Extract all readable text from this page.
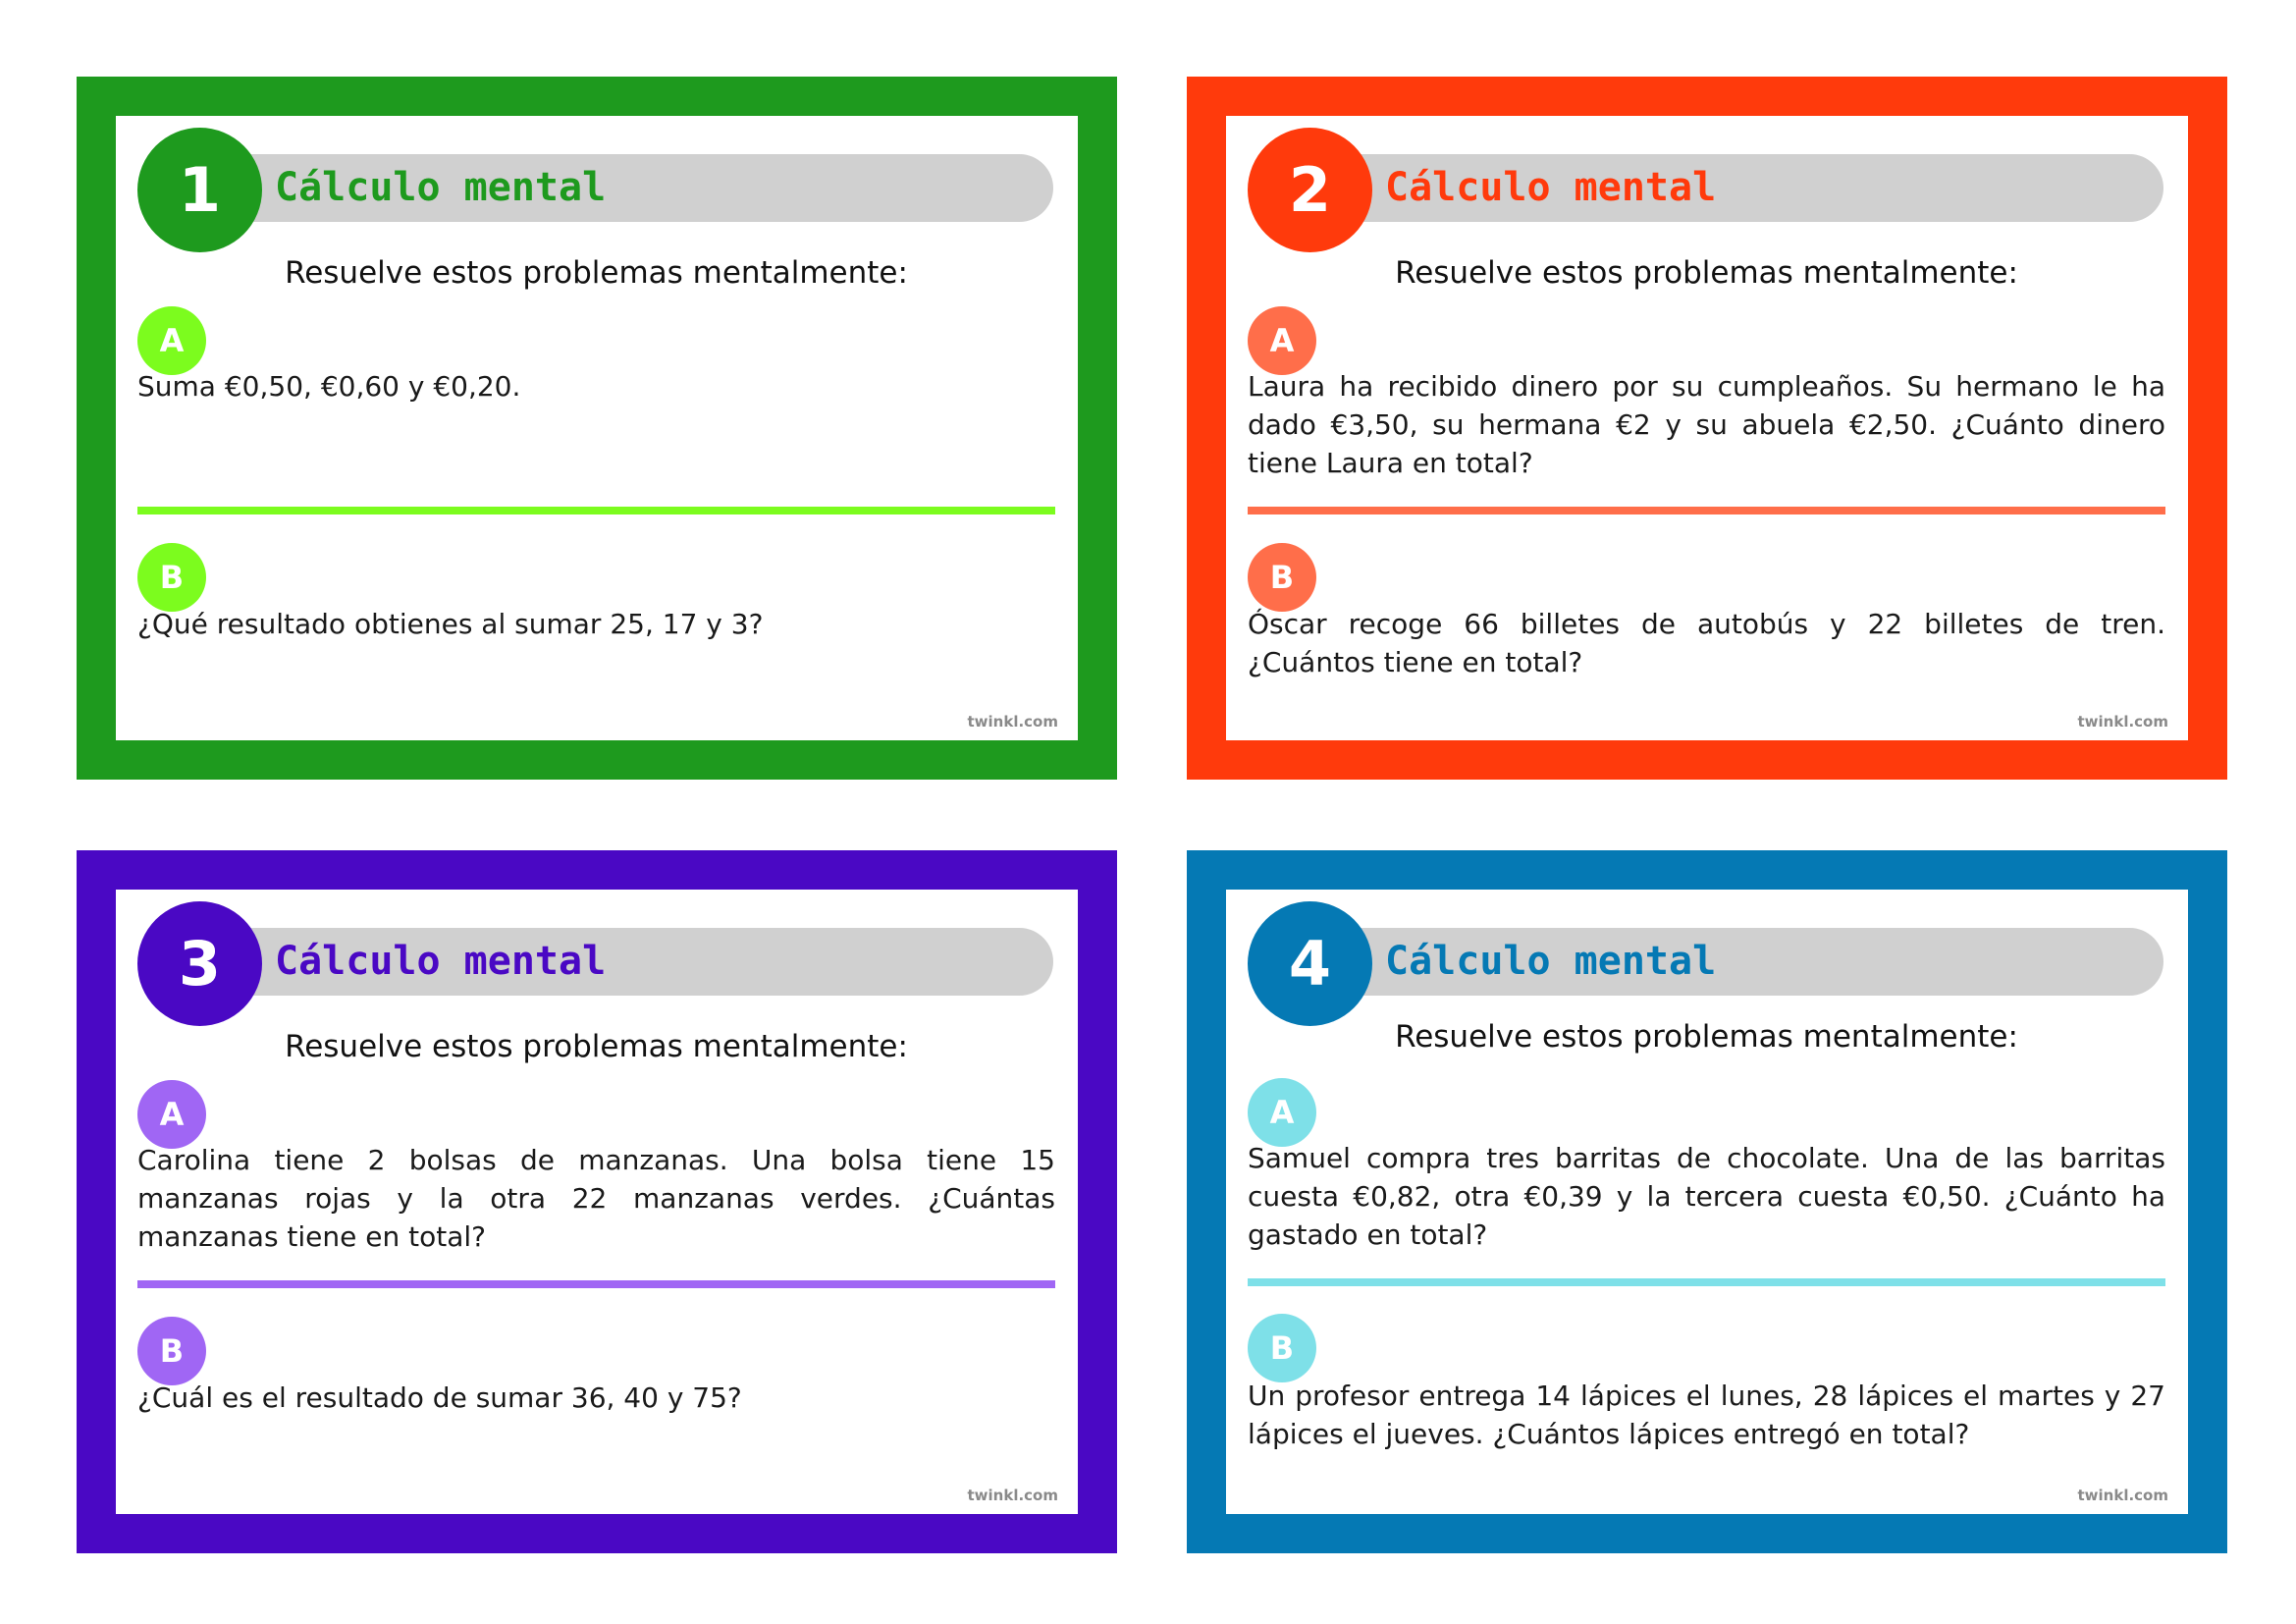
1	Cálculo mental
Resuelve estos problemas mentalmente:
A
Suma €0,50, €0,60 y €0,20.
B
¿Qué resultado obtienes al sumar 25, 17 y 3?
twinkl.com
2	Cálculo mental
Resuelve estos problemas mentalmente:
A
Laura ha recibido dinero por su cumpleaños. Su hermano le ha dado €3,50, su hermana €2 y su abuela €2,50. ¿Cuánto dinero tiene Laura en total?
B
Óscar recoge 66 billetes de autobús y 22 billetes de tren. ¿Cuántos tiene en total?
twinkl.com
3	Cálculo mental
Resuelve estos problemas mentalmente:
A
Carolina tiene 2 bolsas de manzanas. Una bolsa tiene 15 manzanas rojas y la otra 22 manzanas verdes. ¿Cuántas manzanas tiene en total?
B
¿Cuál es el resultado de sumar 36, 40 y 75?
twinkl.com
4	Cálculo mental
Resuelve estos problemas mentalmente:
A
Samuel compra tres barritas de chocolate. Una de las barritas cuesta €0,82, otra €0,39 y la tercera cuesta €0,50. ¿Cuánto ha gastado en total?
B
Un profesor entrega 14 lápices el lunes, 28 lápices el martes y 27 lápices el jueves. ¿Cuántos lápices entregó en total?
twinkl.com
